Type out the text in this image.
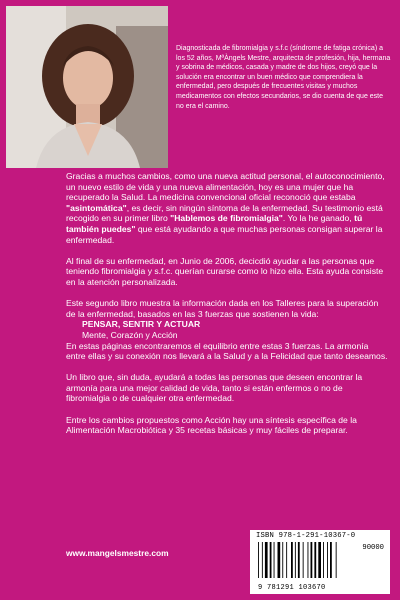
Diagnosticada de fibromialgia y s.f.c (síndrome de fatiga crónica) a los 52 años, MªÀngels Mestre, arquitecta de profesión, hija, hermana y sobrina de médicos, casada y madre de dos hijos, creyó que la solución era encontrar un buen médico que comprendiera la enfermedad, pero después de frecuentes visitas y muchos medicamentos con efectos secundarios, se dio cuenta de que este no era el camino.

Gracias a muchos cambios, como una nueva actitud personal, el autoconocimiento, un nuevo estilo de vida y una nueva alimentación, hoy es una mujer que ha recuperado la Salud. La medicina convencional oficial reconoció que estaba "asintomática", es decir, sin ningún síntoma de la enfermedad. Su testimonio está recogido en su primer libro "Hablemos de fibromialgia". Yo la he ganado, tú también puedes" que está ayudando a que muchas personas consigan superar la enfermedad.

Al final de su enfermedad, en Junio de 2006, decicdió ayudar a las personas que teniendo fibromialgia y s.f.c. querían curarse como lo hizo ella. Esta ayuda consiste en la atención personalizada.

Este segundo libro muestra la información dada en los Talleres para la superación de la enfermedad, basados en las 3 fuerzas que sostienen la vida:
PENSAR, SENTIR Y ACTUAR
Mente, Corazón y Acción
En estas páginas encontraremos el equilibrio entre estas 3 fuerzas. La armonía entre ellas y su conexión nos llevará a la Salud y a la Felicidad que tanto deseamos.

Un libro que, sin duda, ayudará a todas las personas que deseen encontrar la armonía para una mejor calidad de vida, tanto si están enfermos o no de fibromialgia o de cualquier otra enfermedad.

Entre los cambios propuestos como Acción hay una síntesis específica de la Alimentación Macrobiótica y 35 recetas básicas y muy fáciles de preparar.

www.mangelsmestre.com
ISBN 978-1-291-10367-0
90000
9 781291 103670
